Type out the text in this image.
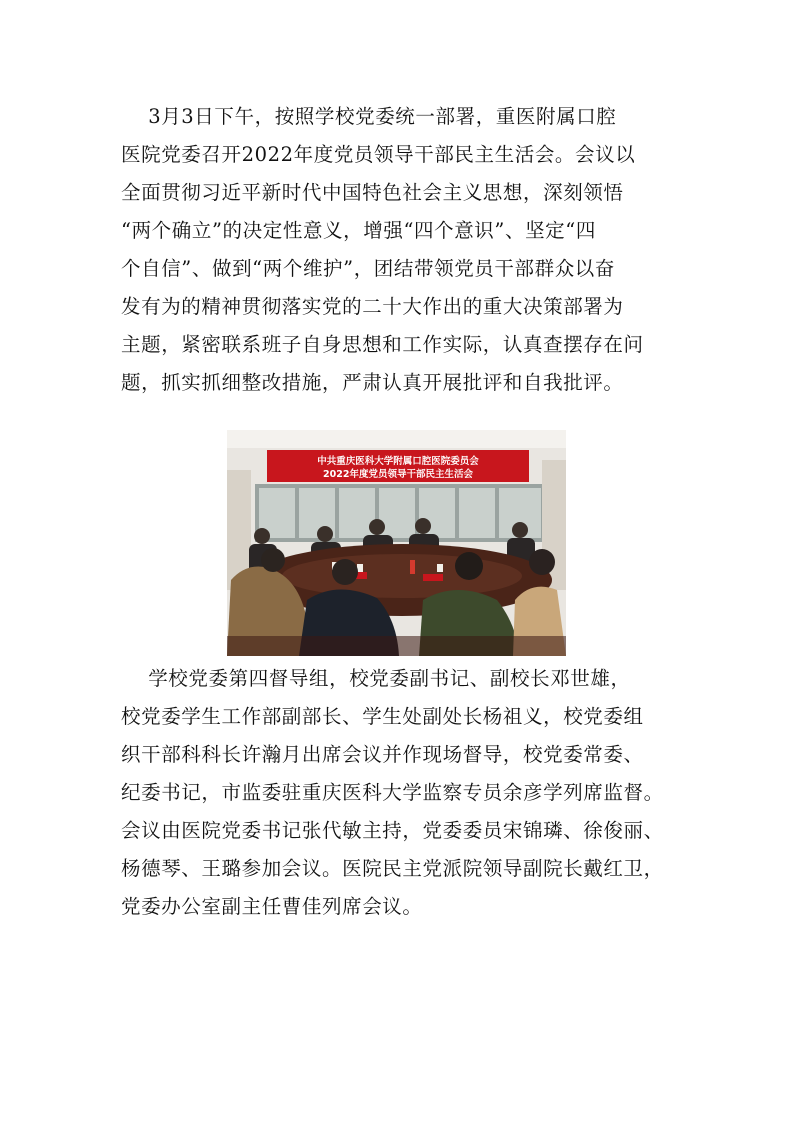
3月3日下午，按照学校党委统一部署，重医附属口腔
医院党委召开2022年度党员领导干部民主生活会。会议以
全面贯彻习近平新时代中国特色社会主义思想，深刻领悟
“两个确立”的决定性意义，增强“四个意识”、坚定“四
个自信”、做到“两个维护”，团结带领党员干部群众以奋
发有为的精神贯彻落实党的二十大作出的重大决策部署为
主题，紧密联系班子自身思想和工作实际，认真查摆存在问
题，抓实抓细整改措施，严肃认真开展批评和自我批评。

中共重庆医科大学附属口腔医院委员会
2022年度党员领导干部民主生活会

学校党委第四督导组，校党委副书记、副校长邓世雄，
校党委学生工作部副部长、学生处副处长杨祖义，校党委组
织干部科科长许瀚月出席会议并作现场督导，校党委常委、
纪委书记，市监委驻重庆医科大学监察专员余彦学列席监督。
会议由医院党委书记张代敏主持，党委委员宋锦璘、徐俊丽、
杨德琴、王璐参加会议。医院民主党派院领导副院长戴红卫，
党委办公室副主任曹佳列席会议。
